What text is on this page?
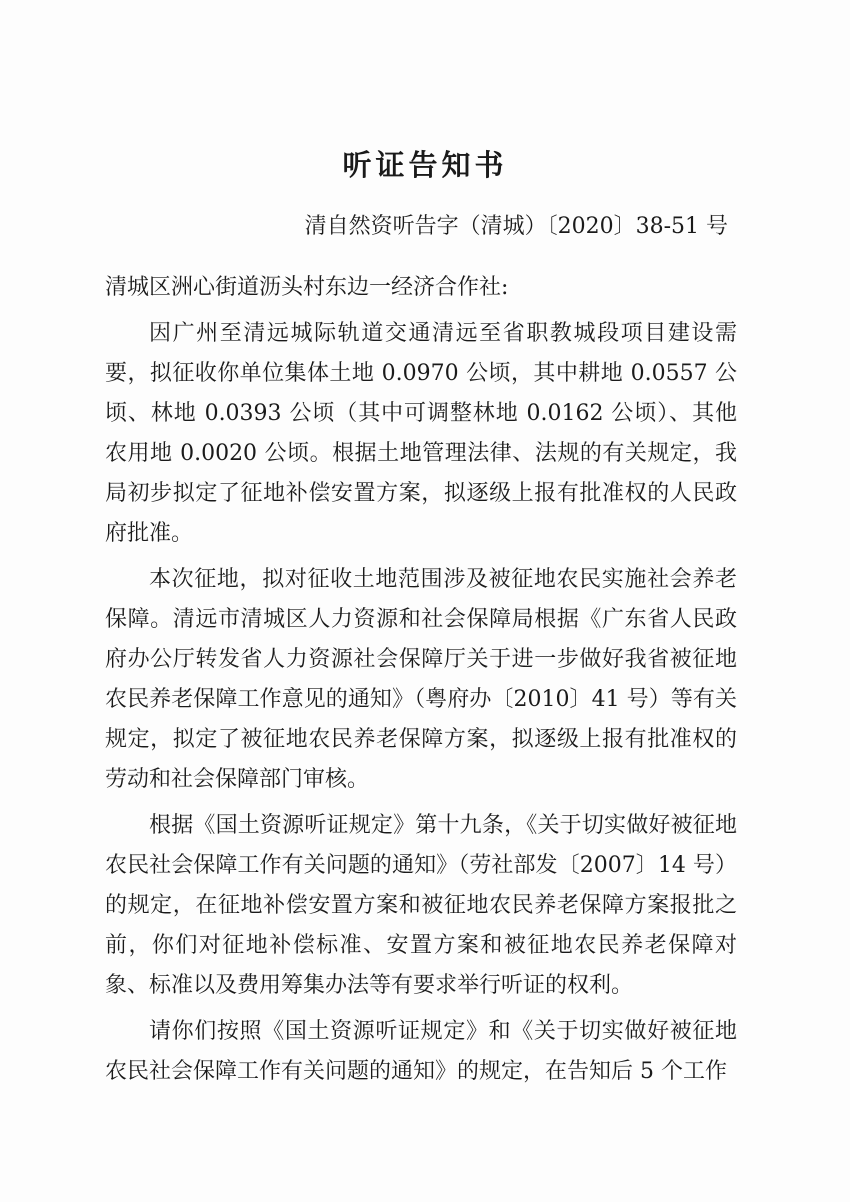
听证告知书
清自然资听告字（清城）〔2020〕38-51 号
清城区洲心街道沥头村东边一经济合作社:

因广州至清远城际轨道交通清远至省职教城段项目建设需要，拟征收你单位集体土地 0.0970 公顷，其中耕地 0.0557 公顷、林地 0.0393 公顷（其中可调整林地 0.0162 公顷）、其他农用地 0.0020 公顷。根据土地管理法律、法规的有关规定，我局初步拟定了征地补偿安置方案，拟逐级上报有批准权的人民政府批准。

本次征地，拟对征收土地范围涉及被征地农民实施社会养老保障。清远市清城区人力资源和社会保障局根据《广东省人民政府办公厅转发省人力资源社会保障厅关于进一步做好我省被征地农民养老保障工作意见的通知》（粤府办〔2010〕41 号）等有关规定，拟定了被征地农民养老保障方案，拟逐级上报有批准权的劳动和社会保障部门审核。

根据《国土资源听证规定》第十九条，《关于切实做好被征地农民社会保障工作有关问题的通知》（劳社部发〔2007〕14 号）的规定，在征地补偿安置方案和被征地农民养老保障方案报批之前，你们对征地补偿标准、安置方案和被征地农民养老保障对象、标准以及费用筹集办法等有要求举行听证的权利。

请你们按照《国土资源听证规定》和《关于切实做好被征地农民社会保障工作有关问题的通知》的规定，在告知后 5 个工作
